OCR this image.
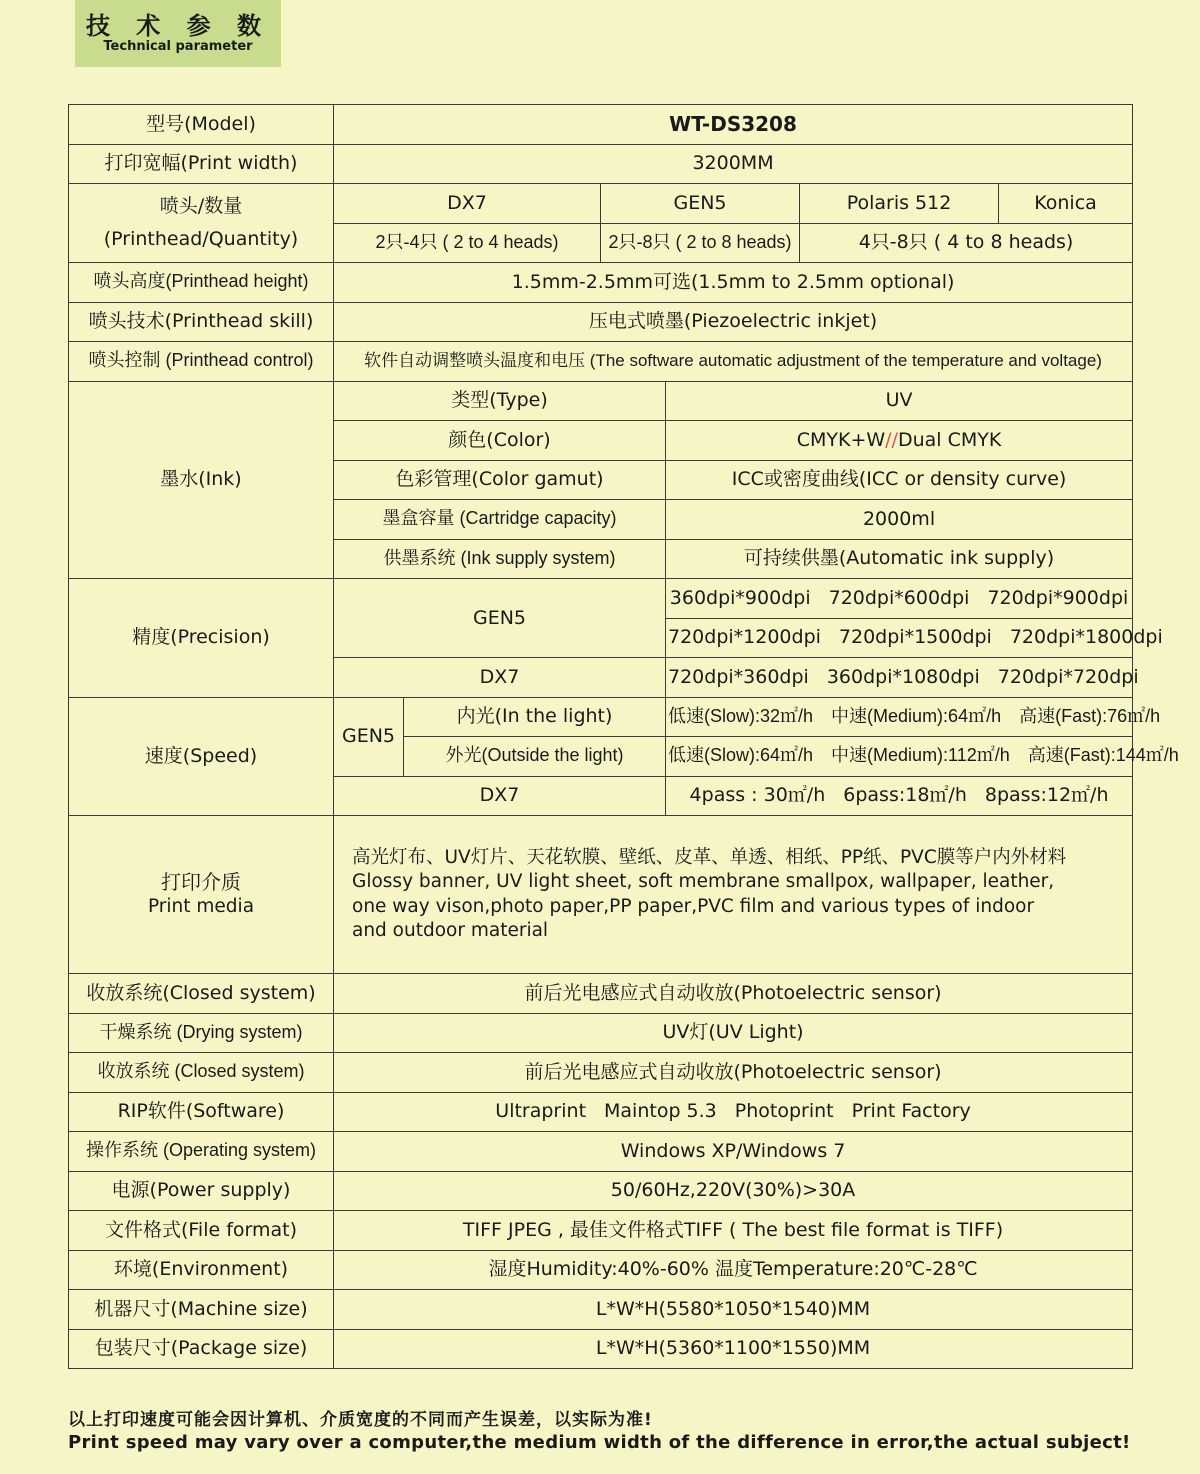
技 术 参 数
Technical parameter
型号(Model)	WT-DS3208					
打印宽幅(Print width)	3200MM					

喷头/数量
(Printhead/Quantity)	DX7		GEN5		Polaris 512	Konica
	2只-4只 ( 2 to 4 heads)		2只-8只 ( 2 to 8 heads)		4只-8只 ( 4 to 8 heads)	
喷头高度(Printhead height)	1.5mm-2.5mm可选(1.5mm to 2.5mm optional)					
喷头技术(Printhead skill)	压电式喷墨(Piezoelectric inkjet)					
喷头控制 (Printhead control)	软件自动调整喷头温度和电压 (The software automatic adjustment of the temperature and voltage)					
墨水(Ink)	类型(Type)			UV		
	颜色(Color)			CMYK+W//Dual CMYK		
	色彩管理(Color gamut)			ICC或密度曲线(ICC or density curve)		
	墨盒容量 (Cartridge capacity)			2000ml		
	供墨系统 (Ink supply system)			可持续供墨(Automatic ink supply)		
精度(Precision)	GEN5			360dpi*900dpi 720dpi*600dpi 720dpi*900dpi		
				720dpi*1200dpi 720dpi*1500dpi 720dpi*1800dpi		
	DX7			720dpi*360dpi 360dpi*1080dpi 720dpi*720dpi		
速度(Speed)	GEN5	内光(In the light)		低速(Slow):32㎡/h 中速(Medium):64㎡/h 高速(Fast):76㎡/h		
		外光(Outside the light)		低速(Slow):64㎡/h 中速(Medium):112㎡/h 高速(Fast):144㎡/h		
	DX7			4pass : 30㎡/h 6pass:18㎡/h 8pass:12㎡/h		

打印介质
Print media	高光灯布、UV灯片、天花软膜、壁纸、皮革、单透、相纸、PP纸、PVC膜等户内外材料
Glossy banner, UV light sheet, soft membrane smallpox, wallpaper, leather,
one way vison,photo paper,PP paper,PVC film and various types of indoor
and outdoor material					

收放系统(Closed system)	前后光电感应式自动收放(Photoelectric sensor)					
干燥系统 (Drying system)	UV灯(UV Light)					
收放系统 (Closed system)	前后光电感应式自动收放(Photoelectric sensor)					
RIP软件(Software)	Ultraprint Maintop 5.3 Photoprint Print Factory					
操作系统 (Operating system)	Windows XP/Windows 7					
电源(Power supply)	50/60Hz,220V(30%)>30A					
文件格式(File format)	TIFF JPEG , 最佳文件格式TIFF ( The best file format is TIFF)					
环境(Environment)	湿度Humidity:40%-60% 温度Temperature:20℃-28℃					
机器尺寸(Machine size)	L*W*H(5580*1050*1540)MM					
包装尺寸(Package size)	L*W*H(5360*1100*1550)MM					
以上打印速度可能会因计算机、介质宽度的不同而产生误差，以实际为准!
Print speed may vary over a computer,the medium width of the difference in error,the actual subject!
